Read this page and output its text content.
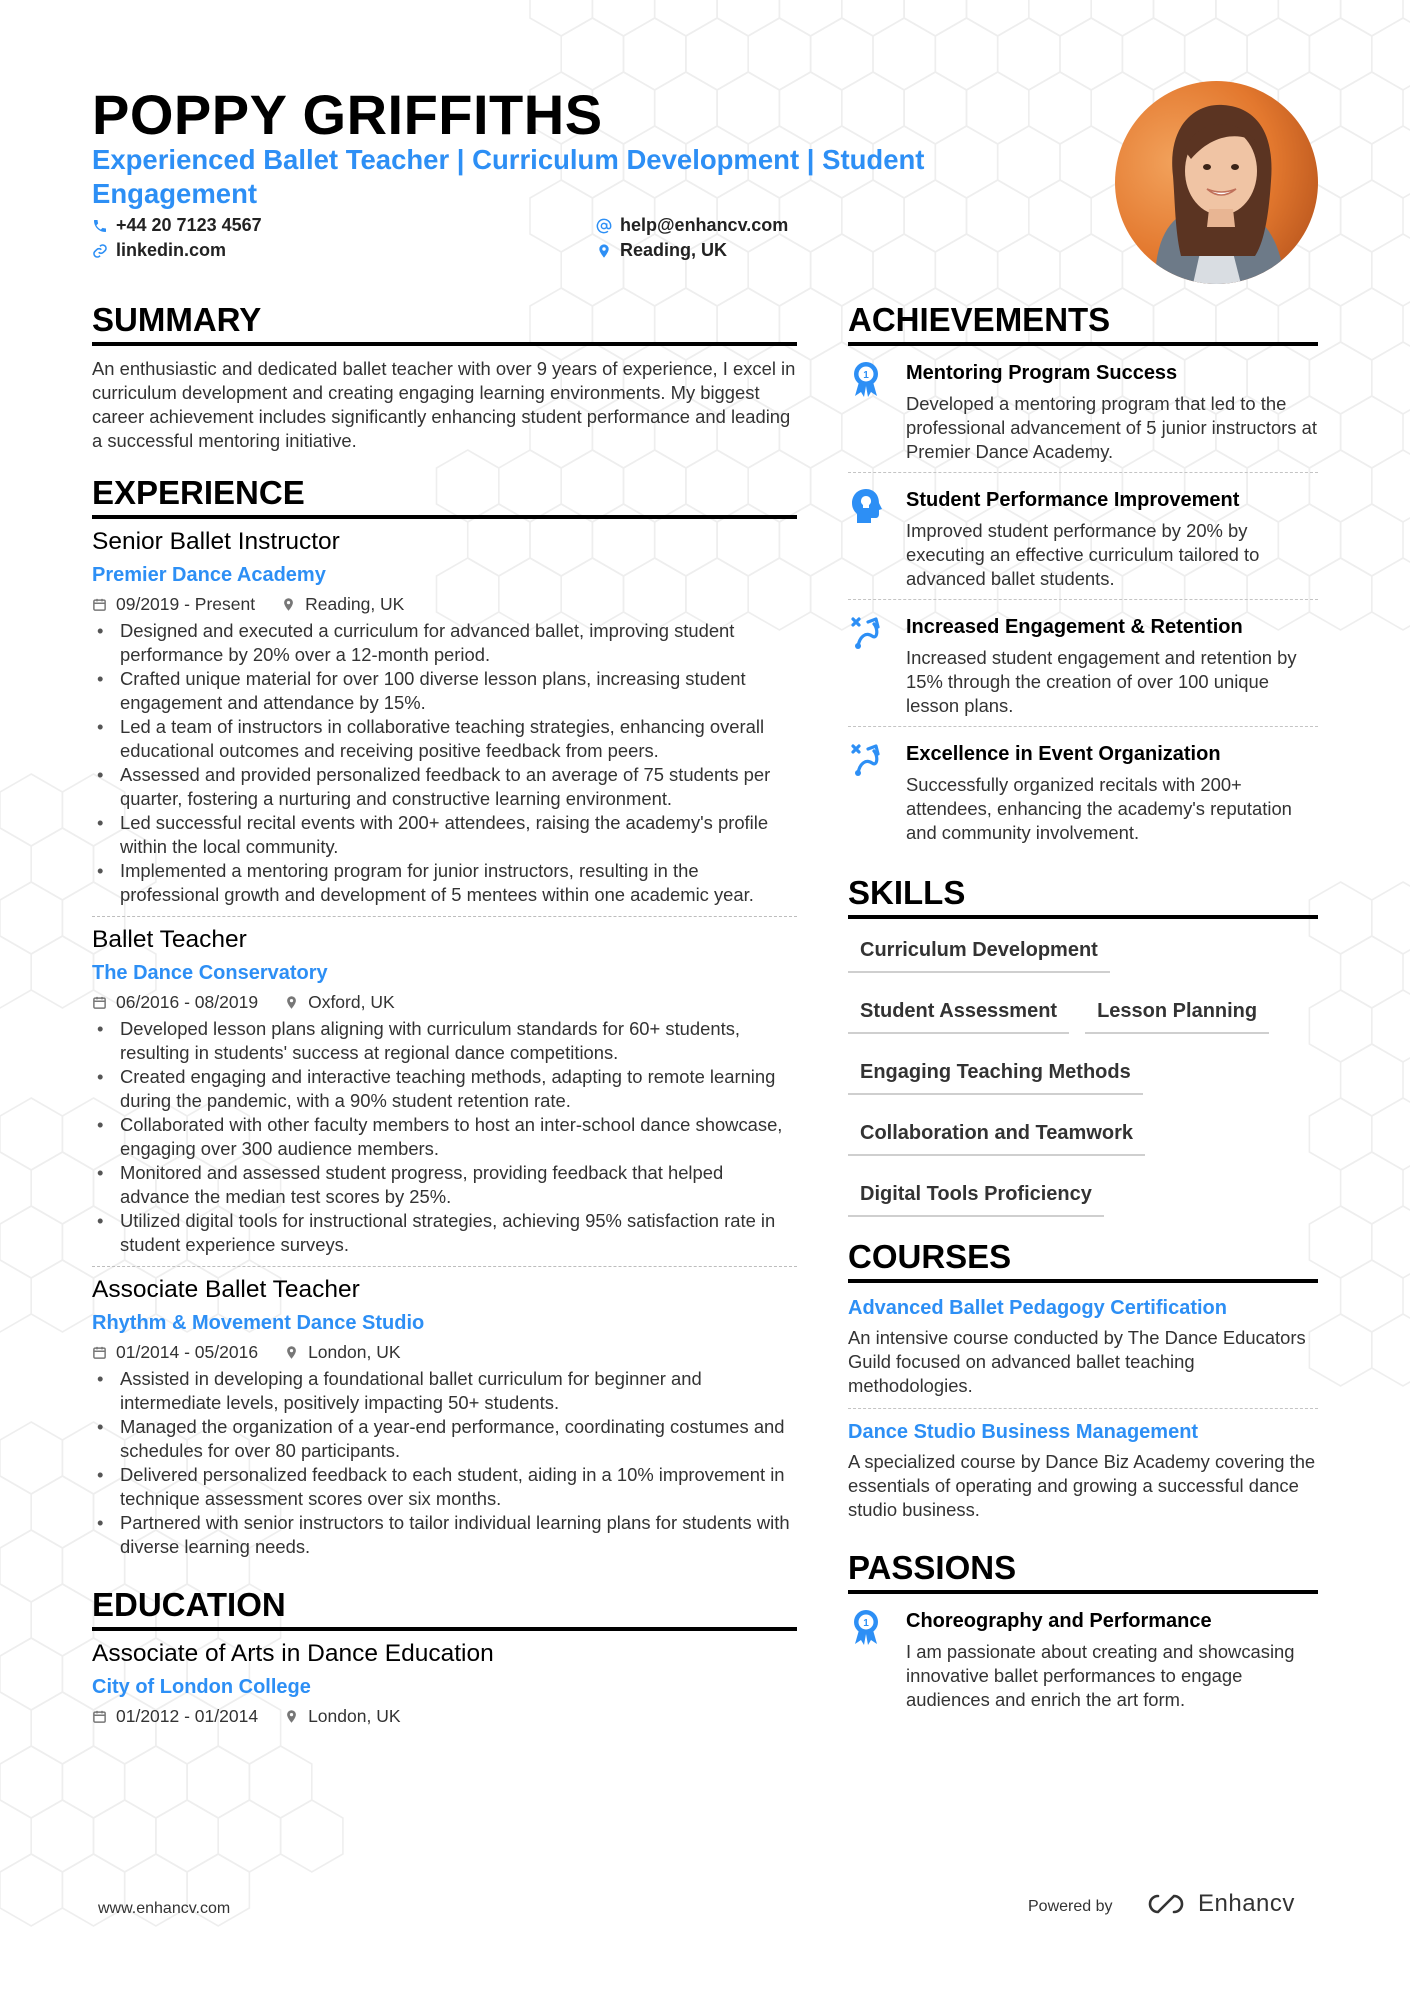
POPPY GRIFFITHS
Experienced Ballet Teacher | Curriculum Development | Student Engagement
+44 20 7123 4567	help@enhancv.com
linkedin.com	Reading, UK
SUMMARY
An enthusiastic and dedicated ballet teacher with over 9 years of experience, I excel in curriculum development and creating engaging learning environments. My biggest career achievement includes significantly enhancing student performance and leading a successful mentoring initiative.
EXPERIENCE
Senior Ballet Instructor
Premier Dance Academy
09/2019 - Present	Reading, UK
• Designed and executed a curriculum for advanced ballet, improving student performance by 20% over a 12-month period.
• Crafted unique material for over 100 diverse lesson plans, increasing student engagement and attendance by 15%.
• Led a team of instructors in collaborative teaching strategies, enhancing overall educational outcomes and receiving positive feedback from peers.
• Assessed and provided personalized feedback to an average of 75 students per quarter, fostering a nurturing and constructive learning environment.
• Led successful recital events with 200+ attendees, raising the academy's profile within the local community.
• Implemented a mentoring program for junior instructors, resulting in the professional growth and development of 5 mentees within one academic year.
Ballet Teacher
The Dance Conservatory
06/2016 - 08/2019	Oxford, UK
• Developed lesson plans aligning with curriculum standards for 60+ students, resulting in students' success at regional dance competitions.
• Created engaging and interactive teaching methods, adapting to remote learning during the pandemic, with a 90% student retention rate.
• Collaborated with other faculty members to host an inter-school dance showcase, engaging over 300 audience members.
• Monitored and assessed student progress, providing feedback that helped advance the median test scores by 25%.
• Utilized digital tools for instructional strategies, achieving 95% satisfaction rate in student experience surveys.
Associate Ballet Teacher
Rhythm & Movement Dance Studio
01/2014 - 05/2016	London, UK
• Assisted in developing a foundational ballet curriculum for beginner and intermediate levels, positively impacting 50+ students.
• Managed the organization of a year-end performance, coordinating costumes and schedules for over 80 participants.
• Delivered personalized feedback to each student, aiding in a 10% improvement in technique assessment scores over six months.
• Partnered with senior instructors to tailor individual learning plans for students with diverse learning needs.
EDUCATION
Associate of Arts in Dance Education
City of London College
01/2012 - 01/2014	London, UK
ACHIEVEMENTS
1 Mentoring Program Success
Developed a mentoring program that led to the professional advancement of 5 junior instructors at Premier Dance Academy.
Student Performance Improvement
Improved student performance by 20% by executing an effective curriculum tailored to advanced ballet students.
Increased Engagement & Retention
Increased student engagement and retention by 15% through the creation of over 100 unique lesson plans.
Excellence in Event Organization
Successfully organized recitals with 200+ attendees, enhancing the academy's reputation and community involvement.
SKILLS
Curriculum Development
Student Assessment	Lesson Planning
Engaging Teaching Methods
Collaboration and Teamwork
Digital Tools Proficiency
COURSES
Advanced Ballet Pedagogy Certification
An intensive course conducted by The Dance Educators Guild focused on advanced ballet teaching methodologies.
Dance Studio Business Management
A specialized course by Dance Biz Academy covering the essentials of operating and growing a successful dance studio business.
PASSIONS
1 Choreography and Performance
I am passionate about creating and showcasing innovative ballet performances to engage audiences and enrich the art form.
www.enhancv.com	Powered by	Enhancv
